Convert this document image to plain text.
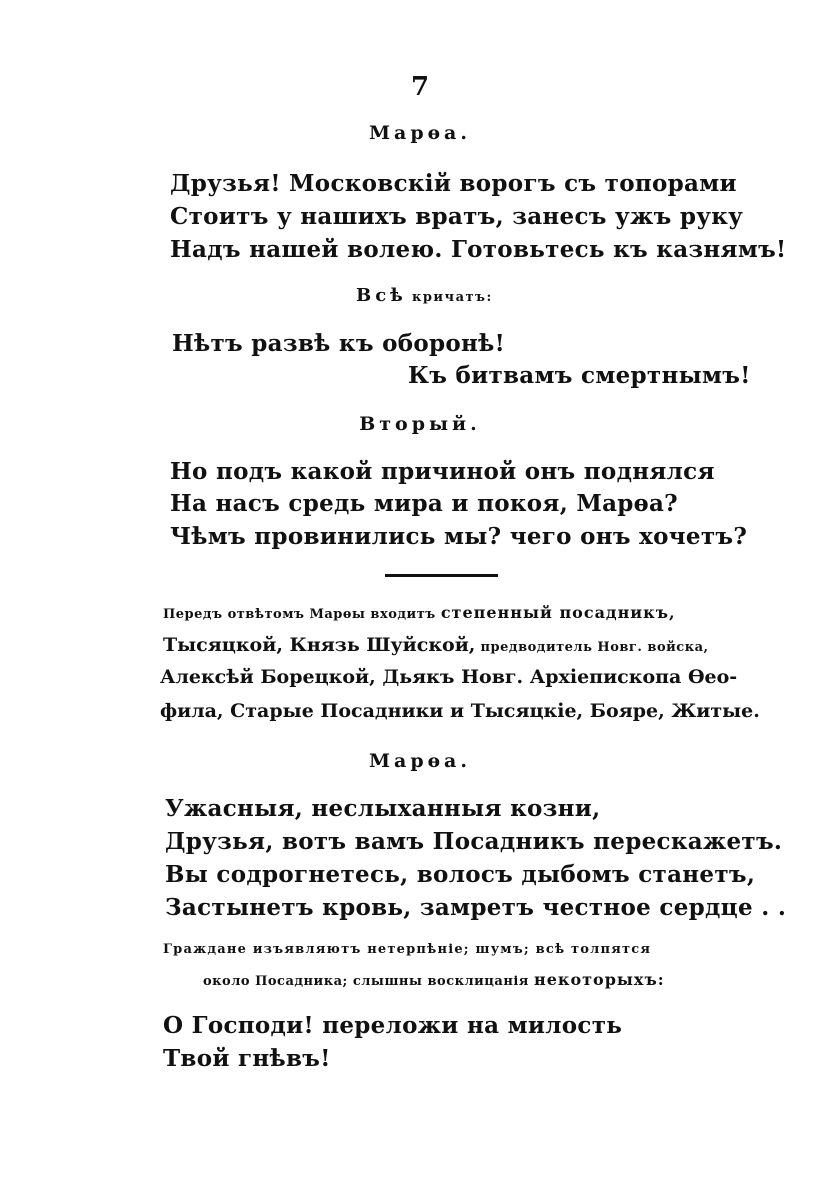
7
Марѳа.
Друзья! Московскій ворогъ съ топорами
Стоитъ у нашихъ вратъ, занесъ ужъ руку
Надъ нашей волею. Готовьтесь къ казнямъ!
Всѣ кричатъ:
Нѣтъ развѣ къ оборонѣ!
Къ битвамъ смертнымъ!
Вторый.
Но подъ какой причиной онъ поднялся
На насъ средь мира и покоя, Марѳа?
Чѣмъ провинились мы? чего онъ хочетъ?
Передъ отвѣтомъ Марѳы входитъ степенный посадникъ,
Тысяцкой, Князь Шуйской, предводитель Новг. войска,
Алексѣй Борецкой, Дьякъ Новг. Архіепископа Ѳео-
фила, Старые Посадники и Тысяцкіе, Бояре, Житые.
Марѳа.
Ужасныя, неслыханныя козни,
Друзья, вотъ вамъ Посадникъ перескажетъ.
Вы содрогнетесь, волосъ дыбомъ станетъ,
Застынетъ кровь, замретъ честное сердце . .
Граждане изъявляютъ нетерпѣніе; шумъ; всѣ толпятся
около Посадника; слышны восклицанія некоторыхъ:
О Господи! переложи на милость
Твой гнѣвъ!
